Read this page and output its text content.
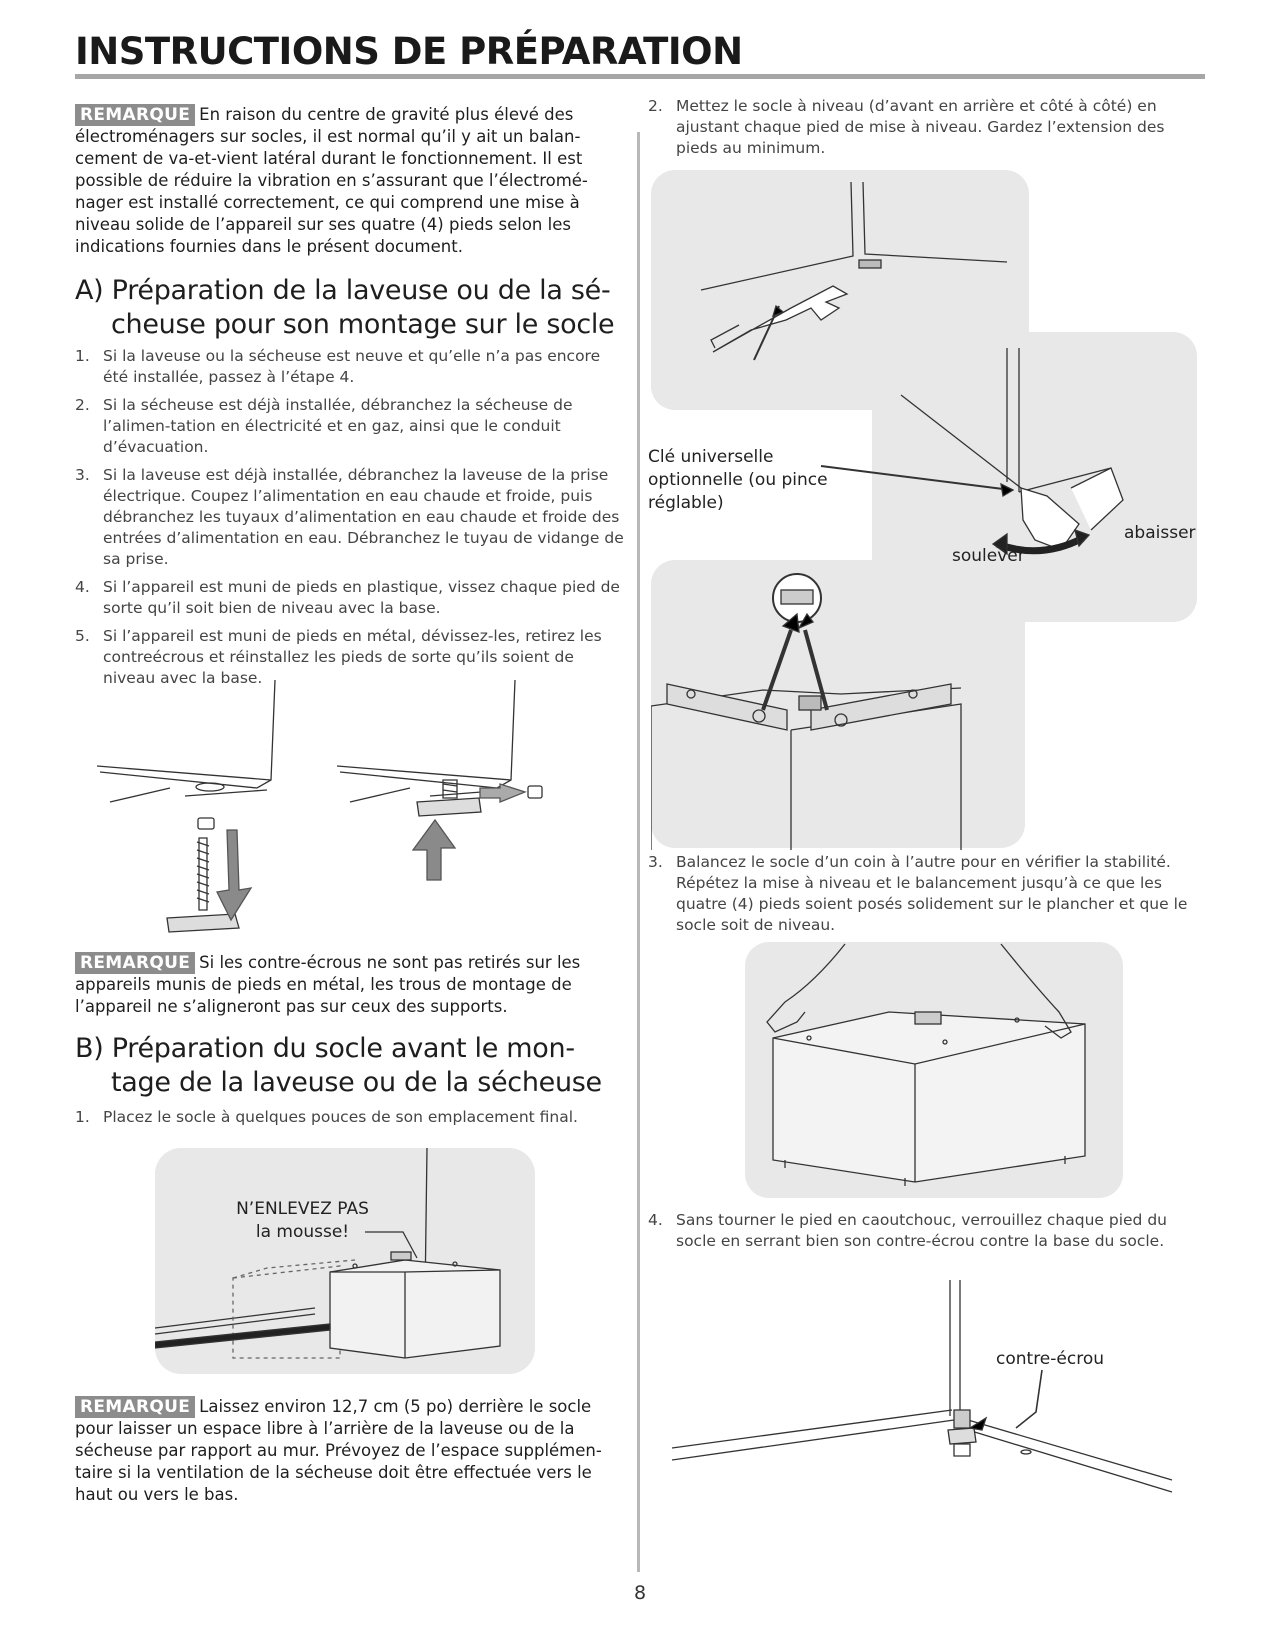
INSTRUCTIONS DE PRÉPARATION

REMARQUE En raison du centre de gravité plus élevé des électroménagers sur socles, il est normal qu’il y ait un balan-cement de va-et-vient latéral durant le fonctionnement. Il est possible de réduire la vibration en s’assurant que l’électromé-nager est installé correctement, ce qui comprend une mise à niveau solide de l’appareil sur ses quatre (4) pieds selon les indications fournies dans le présent document.

A) Préparation de la laveuse ou de la sé-
cheuse pour son montage sur le socle
1. Si la laveuse ou la sécheuse est neuve et qu’elle n’a pas encore été installée, passez à l’étape 4.
2. Si la sécheuse est déjà installée, débranchez la sécheuse de l’alimen-tation en électricité et en gaz, ainsi que le conduit d’évacuation.
3. Si la laveuse est déjà installée, débranchez la laveuse de la prise électrique. Coupez l’alimentation en eau chaude et froide, puis débranchez les tuyaux d’alimentation en eau chaude et froide des entrées d’alimentation en eau. Débranchez le tuyau de vidange de sa prise.
4. Si l’appareil est muni de pieds en plastique, vissez chaque pied de sorte qu’il soit bien de niveau avec la base.
5. Si l’appareil est muni de pieds en métal, dévissez-les, retirez les contreécrous et réinstallez les pieds de sorte qu’ils soient de niveau avec la base.

REMARQUE Si les contre-écrous ne sont pas retirés sur les appareils munis de pieds en métal, les trous de montage de l’appareil ne s’aligneront pas sur ceux des supports.

B) Préparation du socle avant le mon-
tage de la laveuse ou de la sécheuse
1. Placez le socle à quelques pouces de son emplacement final.
N’ENLEVEZ PAS
la mousse!

REMARQUE Laissez environ 12,7 cm (5 po) derrière le socle pour laisser un espace libre à l’arrière de la laveuse ou de la sécheuse par rapport au mur. Prévoyez de l’espace supplémen-taire si la ventilation de la sécheuse doit être effectuée vers le haut ou vers le bas.

2. Mettez le socle à niveau (d’avant en arrière et côté à côté) en ajustant chaque pied de mise à niveau. Gardez l’extension des pieds au minimum.
Clé universelle
optionnelle (ou pince
réglable)
soulever
abaisser
3. Balancez le socle d’un coin à l’autre pour en vérifier la stabilité. Répétez la mise à niveau et le balancement jusqu’à ce que les quatre (4) pieds soient posés solidement sur le plancher et que le socle soit de niveau.
4. Sans tourner le pied en caoutchouc, verrouillez chaque pied du socle en serrant bien son contre-écrou contre la base du socle.
contre-écrou
8
